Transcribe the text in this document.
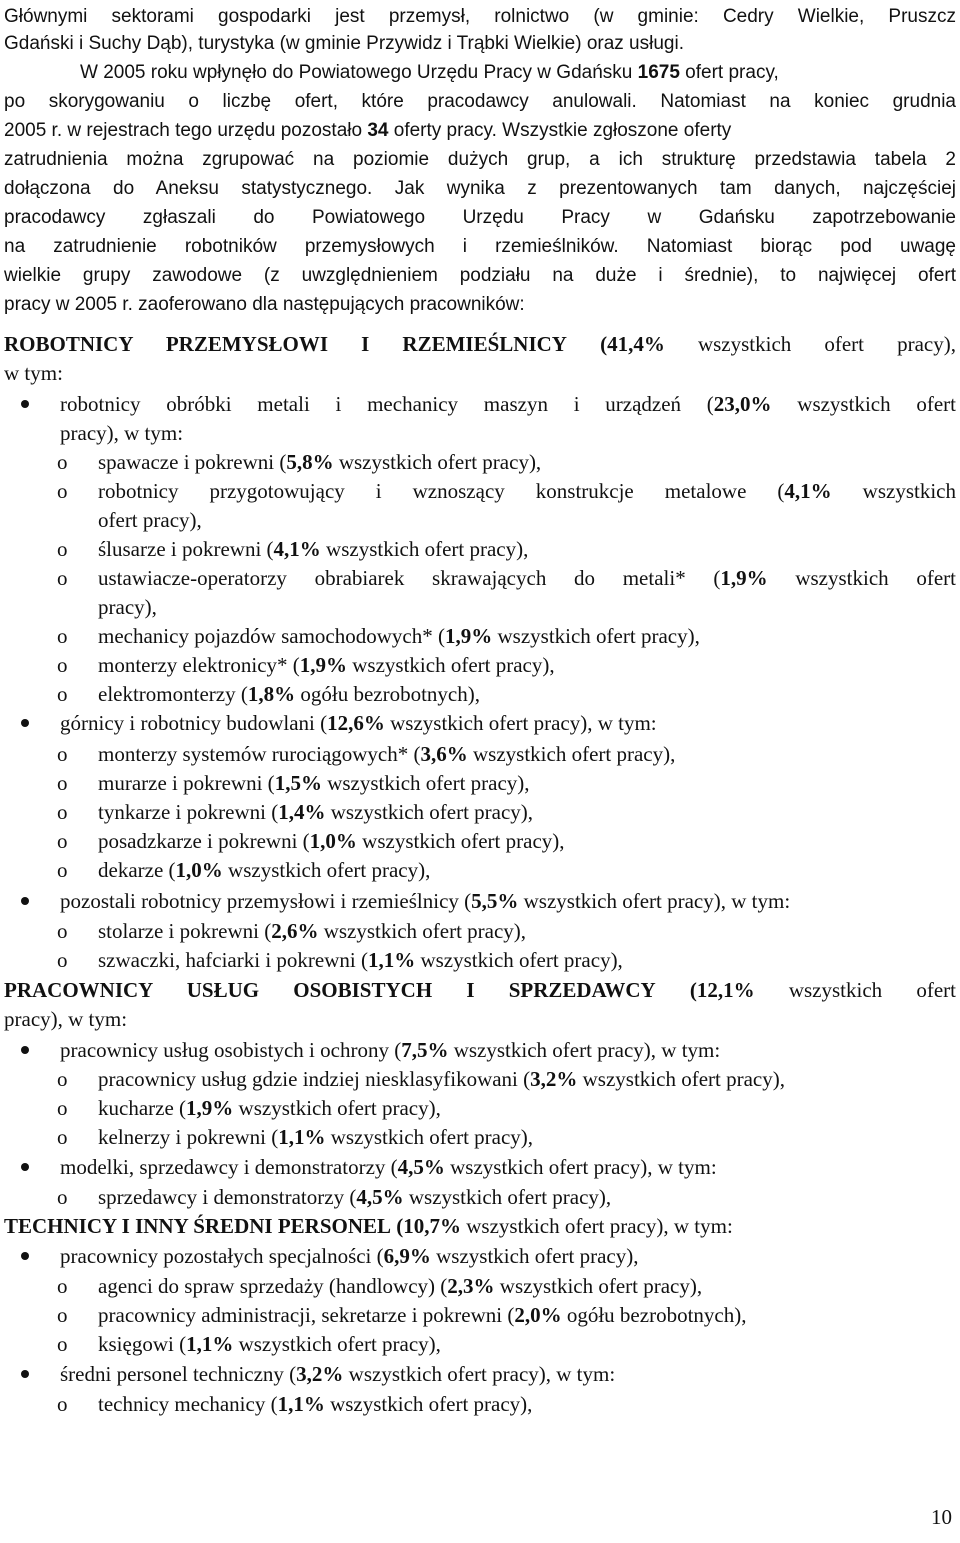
Głównymi sektorami gospodarki jest przemysł, rolnictwo (w gminie: Cedry Wielkie, Pruszcz
Gdański i Suchy Dąb), turystyka (w gminie Przywidz i Trąbki Wielkie) oraz usługi.
W 2005 roku wpłynęło do Powiatowego Urzędu Pracy w Gdańsku 1675 ofert pracy,
po skorygowaniu o liczbę ofert, które pracodawcy anulowali. Natomiast na koniec grudnia
2005 r. w rejestrach tego urzędu pozostało 34 oferty pracy. Wszystkie zgłoszone oferty
zatrudnienia można zgrupować na poziomie dużych grup, a ich strukturę przedstawia tabela 2
dołączona do Aneksu statystycznego. Jak wynika z prezentowanych tam danych, najczęściej
pracodawcy zgłaszali do Powiatowego Urzędu Pracy w Gdańsku zapotrzebowanie
na zatrudnienie robotników przemysłowych i rzemieślników. Natomiast biorąc pod uwagę
wielkie grupy zawodowe (z uwzględnieniem podziału na duże i średnie), to najwięcej ofert
pracy w 2005 r. zaoferowano dla następujących pracowników:
ROBOTNICY PRZEMYSŁOWI I RZEMIEŚLNICY (41,4% wszystkich ofert pracy),
w tym:
robotnicy obróbki metali i mechanicy maszyn i urządzeń (23,0% wszystkich ofert
pracy), w tym:
o spawacze i pokrewni (5,8% wszystkich ofert pracy),
o robotnicy przygotowujący i wznoszący konstrukcje metalowe (4,1% wszystkich
ofert pracy),
o ślusarze i pokrewni (4,1% wszystkich ofert pracy),
o ustawiacze-operatorzy obrabiarek skrawających do metali* (1,9% wszystkich ofert
pracy),
o mechanicy pojazdów samochodowych* (1,9% wszystkich ofert pracy),
o monterzy elektronicy* (1,9% wszystkich ofert pracy),
o elektromonterzy (1,8% ogółu bezrobotnych),
górnicy i robotnicy budowlani (12,6% wszystkich ofert pracy), w tym:
o monterzy systemów rurociągowych* (3,6% wszystkich ofert pracy),
o murarze i pokrewni (1,5% wszystkich ofert pracy),
o tynkarze i pokrewni (1,4% wszystkich ofert pracy),
o posadzkarze i pokrewni (1,0% wszystkich ofert pracy),
o dekarze (1,0% wszystkich ofert pracy),
pozostali robotnicy przemysłowi i rzemieślnicy (5,5% wszystkich ofert pracy), w tym:
o stolarze i pokrewni (2,6% wszystkich ofert pracy),
o szwaczki, hafciarki i pokrewni (1,1% wszystkich ofert pracy),
PRACOWNICY USŁUG OSOBISTYCH I SPRZEDAWCY (12,1% wszystkich ofert
pracy), w tym:
pracownicy usług osobistych i ochrony (7,5% wszystkich ofert pracy), w tym:
o pracownicy usług gdzie indziej niesklasyfikowani (3,2% wszystkich ofert pracy),
o kucharze (1,9% wszystkich ofert pracy),
o kelnerzy i pokrewni (1,1% wszystkich ofert pracy),
modelki, sprzedawcy i demonstratorzy (4,5% wszystkich ofert pracy), w tym:
o sprzedawcy i demonstratorzy (4,5% wszystkich ofert pracy),
TECHNICY I INNY ŚREDNI PERSONEL (10,7% wszystkich ofert pracy), w tym:
pracownicy pozostałych specjalności (6,9% wszystkich ofert pracy),
o agenci do spraw sprzedaży (handlowcy) (2,3% wszystkich ofert pracy),
o pracownicy administracji, sekretarze i pokrewni (2,0% ogółu bezrobotnych),
o księgowi (1,1% wszystkich ofert pracy),
średni personel techniczny (3,2% wszystkich ofert pracy), w tym:
o technicy mechanicy (1,1% wszystkich ofert pracy),
10
